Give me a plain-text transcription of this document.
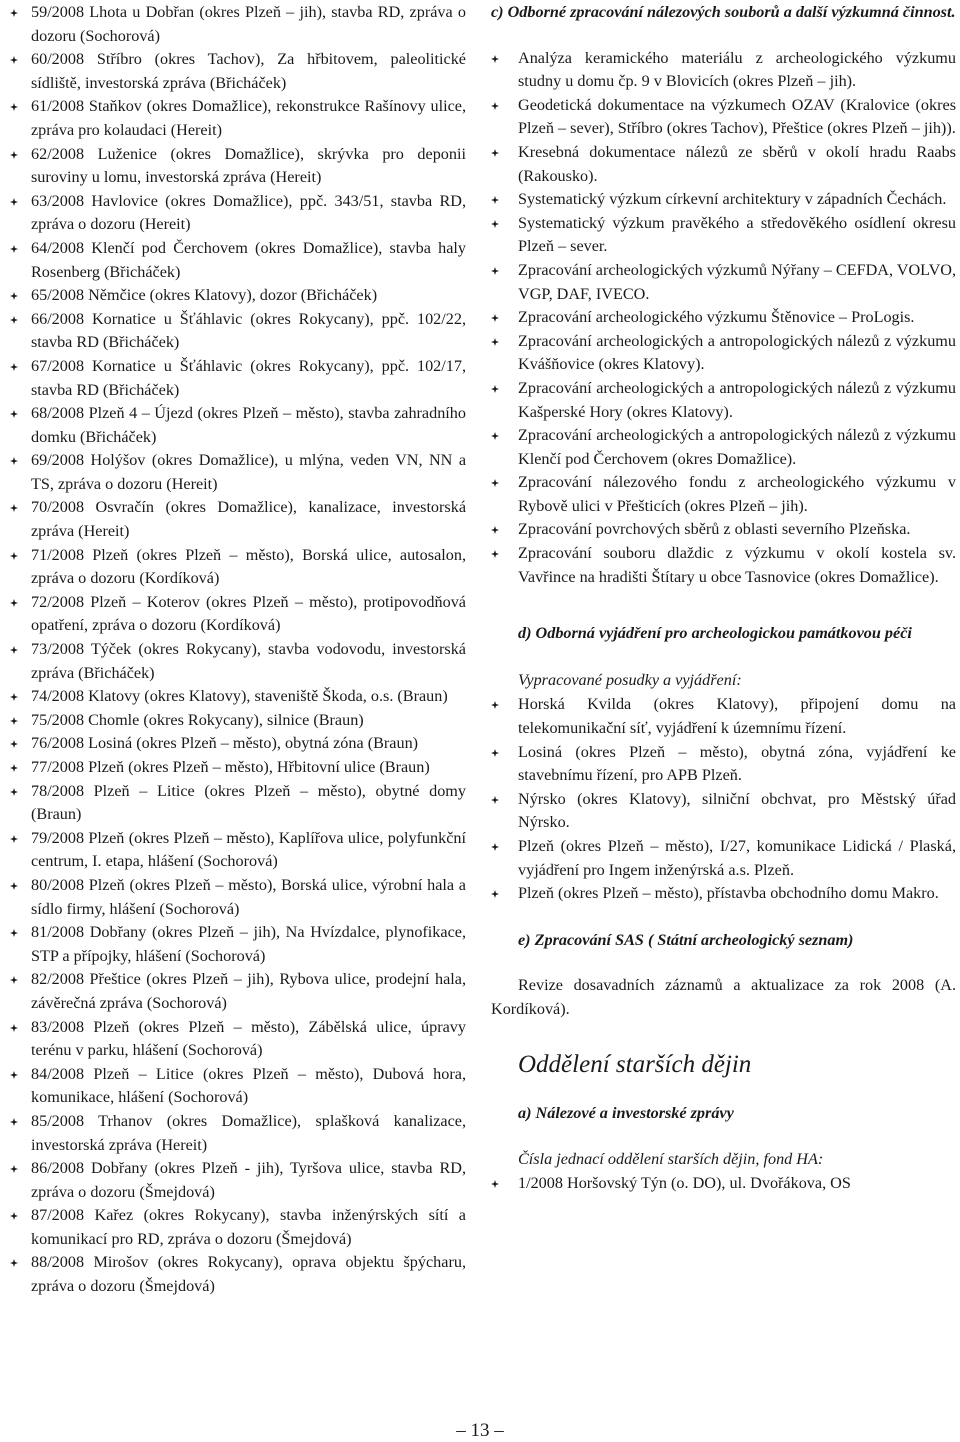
59/2008 Lhota u Dobřan (okres Plzeň – jih), stavba RD, zpráva o dozoru (Sochorová)
60/2008 Stříbro (okres Tachov), Za hřbitovem, paleolitické sídliště, investorská zpráva (Břicháček)
61/2008 Staňkov (okres Domažlice), rekonstrukce Rašínovy ulice, zpráva pro kolaudaci (Hereit)
62/2008 Luženice (okres Domažlice), skrývka pro deponii suroviny u lomu, investorská zpráva (Hereit)
63/2008 Havlovice (okres Domažlice), ppč. 343/51, stavba RD, zpráva o dozoru (Hereit)
64/2008 Klenčí pod Čerchovem (okres Domažlice), stavba haly Rosenberg (Břicháček)
65/2008 Němčice (okres Klatovy), dozor (Břicháček)
66/2008 Kornatice u Šťáhlavic (okres Rokycany), ppč. 102/22, stavba RD (Břicháček)
67/2008 Kornatice u Šťáhlavic (okres Rokycany), ppč. 102/17, stavba RD (Břicháček)
68/2008 Plzeň 4 – Újezd (okres Plzeň – město), stavba zahradního domku (Břicháček)
69/2008 Holýšov (okres Domažlice), u mlýna, veden VN, NN a TS, zpráva o dozoru (Hereit)
70/2008 Osvračín (okres Domažlice), kanalizace, investorská zpráva (Hereit)
71/2008 Plzeň (okres Plzeň – město), Borská ulice, autosalon, zpráva o dozoru (Kordíková)
72/2008 Plzeň – Koterov (okres Plzeň – město), protipovodňová opatření, zpráva o dozoru (Kordíková)
73/2008 Týček (okres Rokycany), stavba vodovodu, investorská zpráva (Břicháček)
74/2008 Klatovy (okres Klatovy), staveniště Škoda, o.s. (Braun)
75/2008 Chomle (okres Rokycany), silnice (Braun)
76/2008 Losiná (okres Plzeň – město), obytná zóna (Braun)
77/2008 Plzeň (okres Plzeň – město), Hřbitovní ulice (Braun)
78/2008 Plzeň – Litice (okres Plzeň – město), obytné domy (Braun)
79/2008 Plzeň (okres Plzeň – město), Kaplířova ulice, polyfunkční centrum, I. etapa, hlášení (Sochorová)
80/2008 Plzeň (okres Plzeň – město), Borská ulice, výrobní hala a sídlo firmy, hlášení (Sochorová)
81/2008 Dobřany (okres Plzeň – jih), Na Hvízdalce, plynofikace, STP a přípojky, hlášení (Sochorová)
82/2008 Přeštice (okres Plzeň – jih), Rybova ulice, prodejní hala, závěrečná zpráva (Sochorová)
83/2008 Plzeň (okres Plzeň – město), Zábělská ulice, úpravy terénu v parku, hlášení (Sochorová)
84/2008 Plzeň – Litice (okres Plzeň – město), Dubová hora, komunikace, hlášení (Sochorová)
85/2008 Trhanov (okres Domažlice), splašková kanalizace, investorská zpráva (Hereit)
86/2008 Dobřany (okres Plzeň - jih), Tyršova ulice, stavba RD, zpráva o dozoru (Šmejdová)
87/2008 Kařez (okres Rokycany), stavba inženýrských sítí a komunikací pro RD, zpráva o dozoru (Šmejdová)
88/2008 Mirošov (okres Rokycany), oprava objektu špýcharu, zpráva o dozoru (Šmejdová)
c) Odborné zpracování nálezových souborů a další výzkumná činnost.
Analýza keramického materiálu z archeologického výzkumu studny u domu čp. 9 v Blovicích (okres Plzeň – jih).
Geodetická dokumentace na výzkumech OZAV (Kralovice (okres Plzeň – sever), Stříbro (okres Tachov), Přeštice (okres Plzeň – jih)).
Kresebná dokumentace nálezů ze sběrů v okolí hradu Raabs (Rakousko).
Systematický výzkum církevní architektury v západních Čechách.
Systematický výzkum pravěkého a středověkého osídlení okresu Plzeň – sever.
Zpracování archeologických výzkumů Nýřany – CEFDA, VOLVO, VGP, DAF, IVECO.
Zpracování archeologického výzkumu Štěnovice – ProLogis.
Zpracování archeologických a antropologických nálezů z výzkumu Kvášňovice (okres Klatovy).
Zpracování archeologických a antropologických nálezů z výzkumu Kašperské Hory (okres Klatovy).
Zpracování archeologických a antropologických nálezů z výzkumu Klenčí pod Čerchovem (okres Domažlice).
Zpracování nálezového fondu z archeologického výzkumu v Rybově ulici v Přešticích (okres Plzeň – jih).
Zpracování povrchových sběrů z oblasti severního Plzeňska.
Zpracování souboru dlaždic z výzkumu v okolí kostela sv. Vavřince na hradišti Štítary u obce Tasnovice (okres Domažlice).
d) Odborná vyjádření pro archeologickou památkovou péči
Vypracované posudky a vyjádření:
Horská Kvilda (okres Klatovy), připojení domu na telekomunikační síť, vyjádření k územnímu řízení.
Losiná (okres Plzeň – město), obytná zóna, vyjádření ke stavebnímu řízení, pro APB Plzeň.
Nýrsko (okres Klatovy), silniční obchvat, pro Městský úřad Nýrsko.
Plzeň (okres Plzeň – město), I/27, komunikace Lidická / Plaská, vyjádření pro Ingem inženýrská a.s. Plzeň.
Plzeň (okres Plzeň – město), přístavba obchodního domu Makro.
e) Zpracování SAS ( Státní archeologický seznam)
Revize dosavadních záznamů a aktualizace za rok 2008 (A. Kordíková).
Oddělení starších dějin
a) Nálezové a investorské zprávy
Čísla jednací oddělení starších dějin, fond HA:
1/2008 Horšovský Týn (o. DO), ul. Dvořákova, OS
– 13 –
